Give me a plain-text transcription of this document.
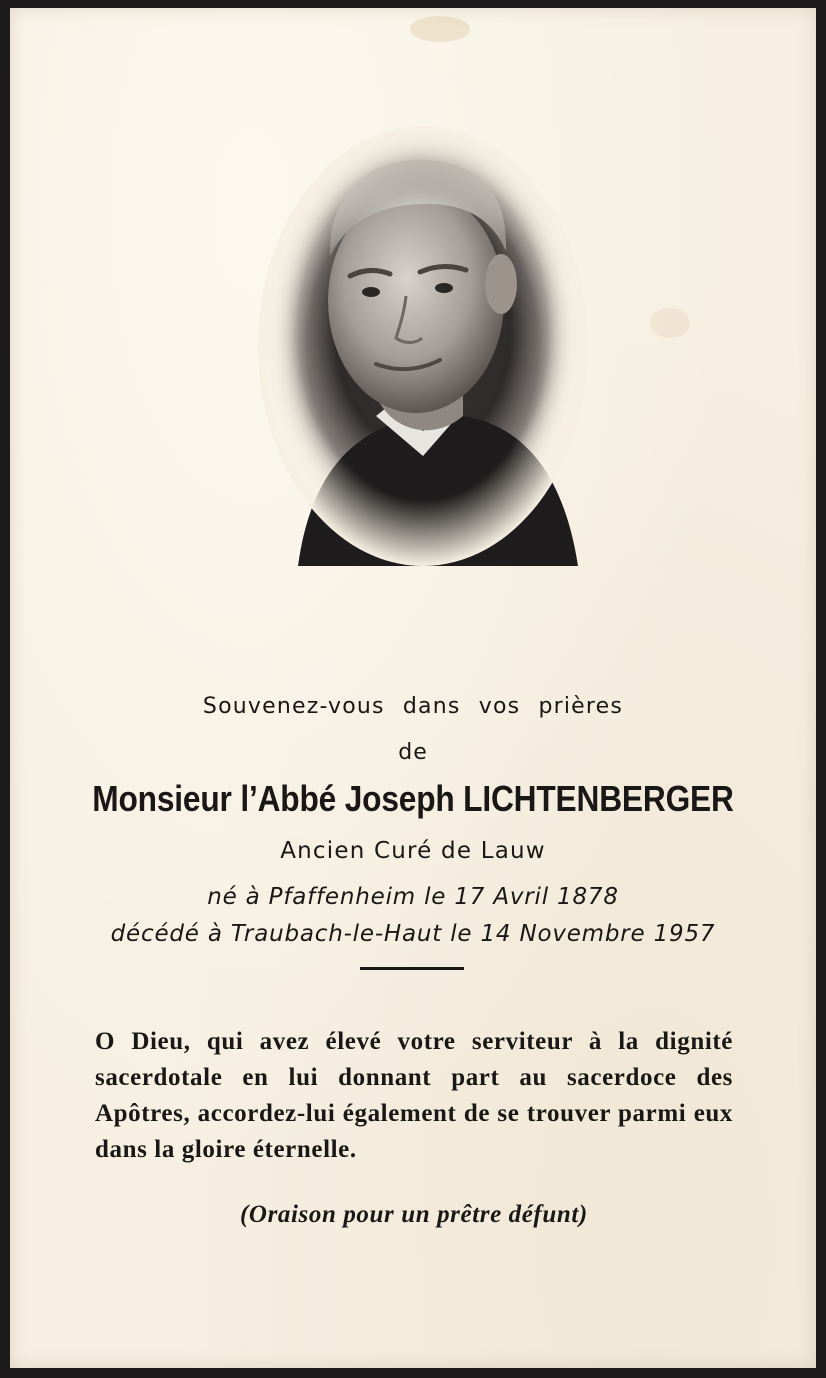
Souvenez-vous dans vos prières
de
Monsieur l’Abbé Joseph LICHTENBERGER
Ancien Curé de Lauw
né à Pfaffenheim le 17 Avril 1878
décédé à Traubach-le-Haut le 14 Novembre 1957
O Dieu, qui avez élevé votre serviteur à la dignité sacerdotale en lui donnant part au sacerdoce des Apôtres, accordez-lui également de se trouver parmi eux dans la gloire éternelle.
(Oraison pour un prêtre défunt)
